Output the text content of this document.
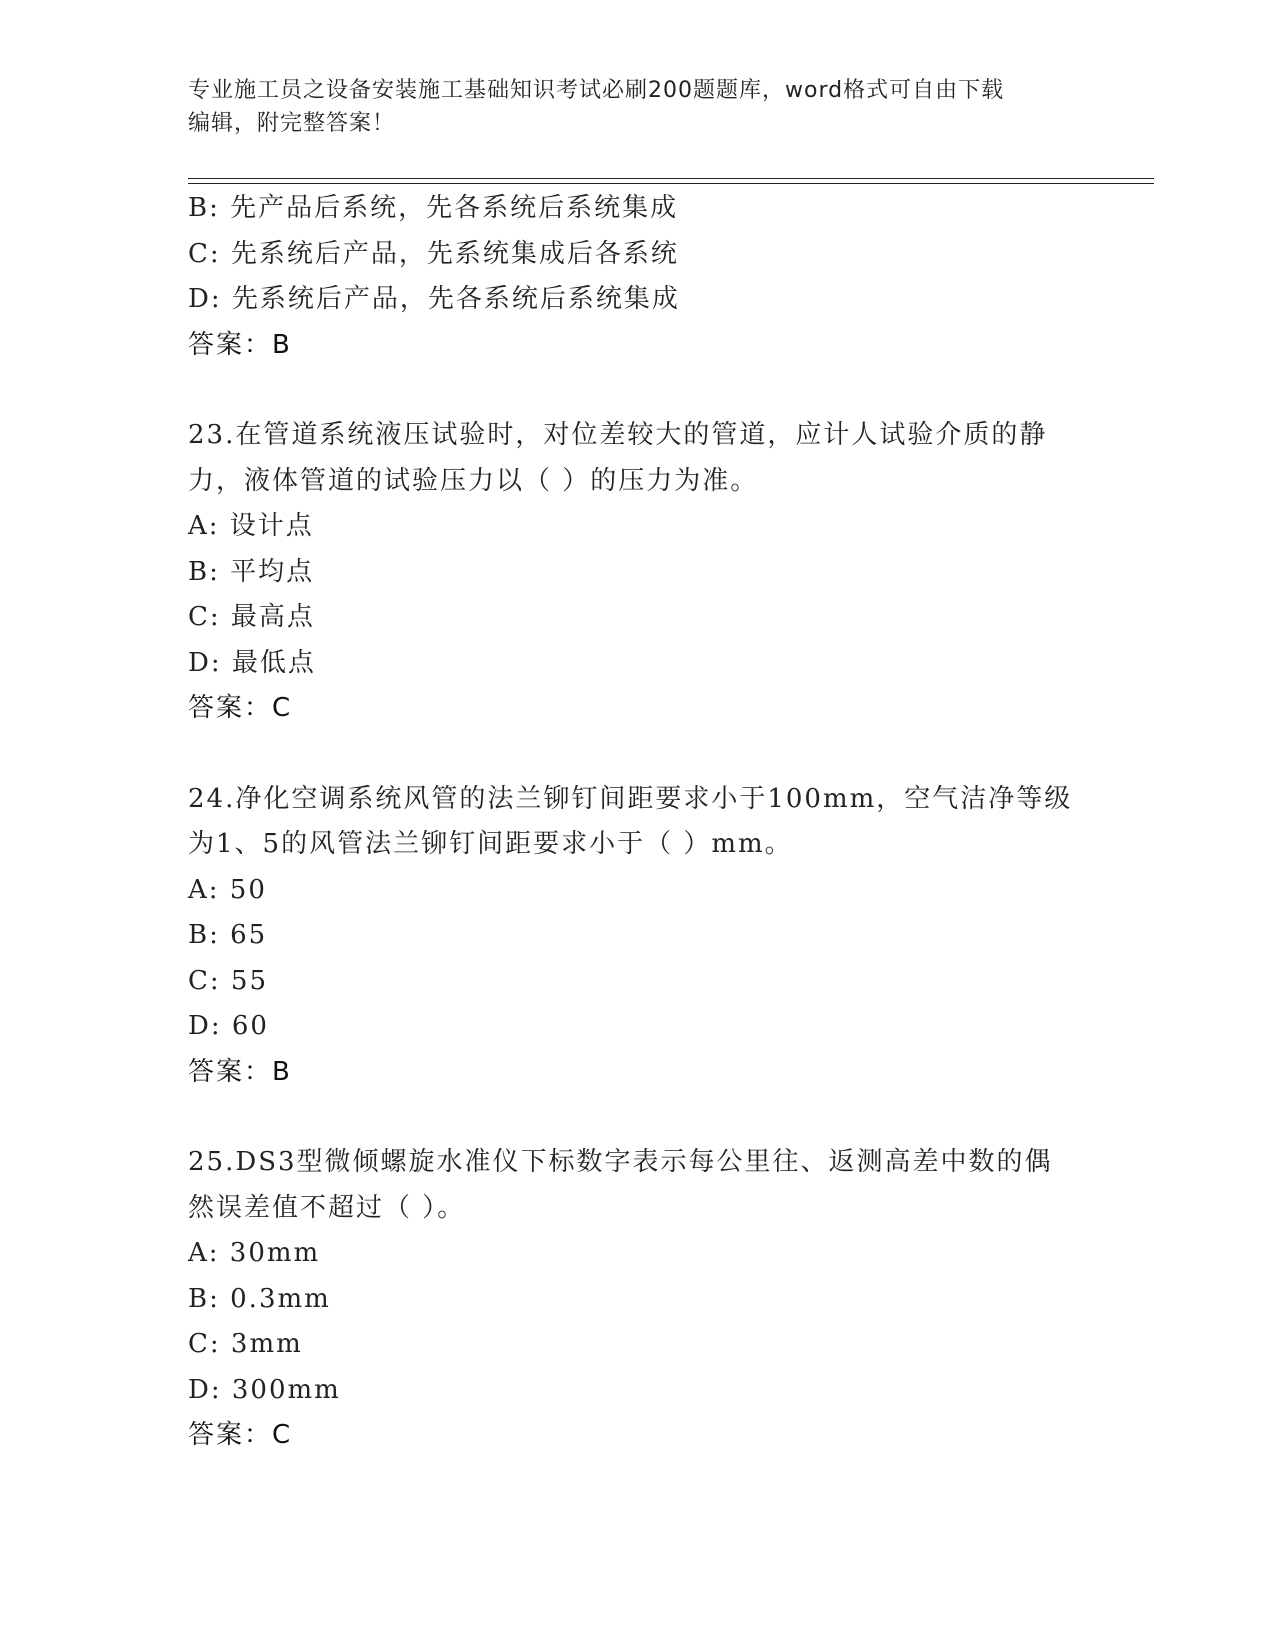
专业施工员之设备安装施工基础知识考试必刷200题题库，word格式可自由下载
编辑，附完整答案！
B: 先产品后系统，先各系统后系统集成
C: 先系统后产品，先系统集成后各系统
D: 先系统后产品，先各系统后系统集成
答案：B
23.在管道系统液压试验时，对位差较大的管道，应计人试验介质的静
力，液体管道的试验压力以（ ）的压力为准。
A: 设计点
B: 平均点
C: 最高点
D: 最低点
答案：C
24.净化空调系统风管的法兰铆钉间距要求小于100mm，空气洁净等级
为1、5的风管法兰铆钉间距要求小于（ ）mm。
A: 50
B: 65
C: 55
D: 60
答案：B
25.DS3型微倾螺旋水准仪下标数字表示每公里往、返测高差中数的偶
然误差值不超过（ ）。
A: 30mm
B: 0.3mm
C: 3mm
D: 300mm
答案：C
